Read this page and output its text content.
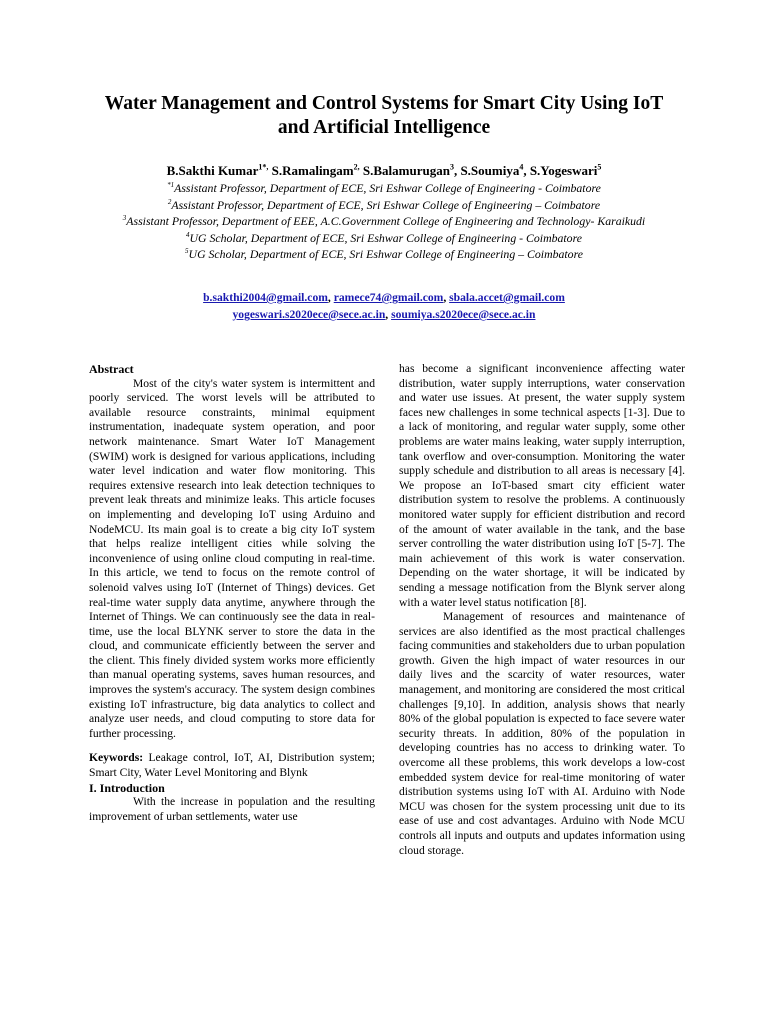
Water Management and Control Systems for Smart City Using IoT
and Artificial Intelligence
B.Sakthi Kumar$^{1*,}$ S.Ramalingam$^{2,}$ S.Balamurugan$^3$, S.Soumiya$^4$, S.Yogeswari$^5$
$^{*1}$Assistant Professor, Department of ECE, Sri Eshwar College of Engineering - Coimbatore
$^2$Assistant Professor, Department of ECE, Sri Eshwar College of Engineering – Coimbatore
$^3$Assistant Professor, Department of EEE, A.C.Government College of Engineering and Technology- Karaikudi
$^4$UG Scholar, Department of ECE, Sri Eshwar College of Engineering - Coimbatore
$^5$UG Scholar, Department of ECE, Sri Eshwar College of Engineering – Coimbatore
b.sakthi2004@gmail.com, ramece74@gmail.com, sbala.accet@gmail.com
yogeswari.s2020ece@sece.ac.in, soumiya.s2020ece@sece.ac.in

Abstract

Most of the city's water system is intermittent and poorly serviced. The worst levels will be attributed to available resource constraints, minimal equipment instrumentation, inadequate system operation, and poor network maintenance. Smart Water IoT Management (SWIM) work is designed for various applications, including water level indication and water flow monitoring. This requires extensive research into leak detection techniques to prevent leak threats and minimize leaks. This article focuses on implementing and developing IoT using Arduino and NodeMCU. Its main goal is to create a big city IoT system that helps realize intelligent cities while solving the inconvenience of using online cloud computing in real-time. In this article, we tend to focus on the remote control of solenoid valves using IoT (Internet of Things) devices. Get real-time water supply data anytime, anywhere through the Internet of Things. We can continuously see the data in real-time, use the local BLYNK server to store the data in the cloud, and communicate efficiently between the server and the client. This finely divided system works more efficiently than manual operating systems, saves human resources, and improves the system's accuracy. The system design combines existing IoT infrastructure, big data analytics to collect and analyze user needs, and cloud computing to store data for further processing.

Keywords: Leakage control, IoT, AI, Distribution system; Smart City, Water Level Monitoring and Blynk

I. Introduction

With the increase in population and the resulting improvement of urban settlements, water use

has become a significant inconvenience affecting water distribution, water supply interruptions, water conservation and water use issues. At present, the water supply system faces new challenges in some technical aspects [1-3]. Due to a lack of monitoring, and regular water supply, some other problems are water mains leaking, water supply interruption, tank overflow and over-consumption. Monitoring the water supply schedule and distribution to all areas is necessary [4]. We propose an IoT-based smart city efficient water distribution system to resolve the problems. A continuously monitored water supply for efficient distribution and record of the amount of water available in the tank, and the base server controlling the water distribution using IoT [5-7]. The main achievement of this work is water conservation. Depending on the water shortage, it will be indicated by sending a message notification from the Blynk server along with a water level status notification [8].

Management of resources and maintenance of services are also identified as the most practical challenges facing communities and stakeholders due to urban population growth. Given the high impact of water resources in our daily lives and the scarcity of water resources, water management, and monitoring are considered the most critical challenges [9,10]. In addition, analysis shows that nearly 80% of the global population is expected to face severe water security threats. In addition, 80% of the population in developing countries has no access to drinking water. To overcome all these problems, this work develops a low-cost embedded system device for real-time monitoring of water distribution systems using IoT with AI. Arduino with Node MCU was chosen for the system processing unit due to its ease of use and cost advantages. Arduino with Node MCU controls all inputs and outputs and updates information using cloud storage.
